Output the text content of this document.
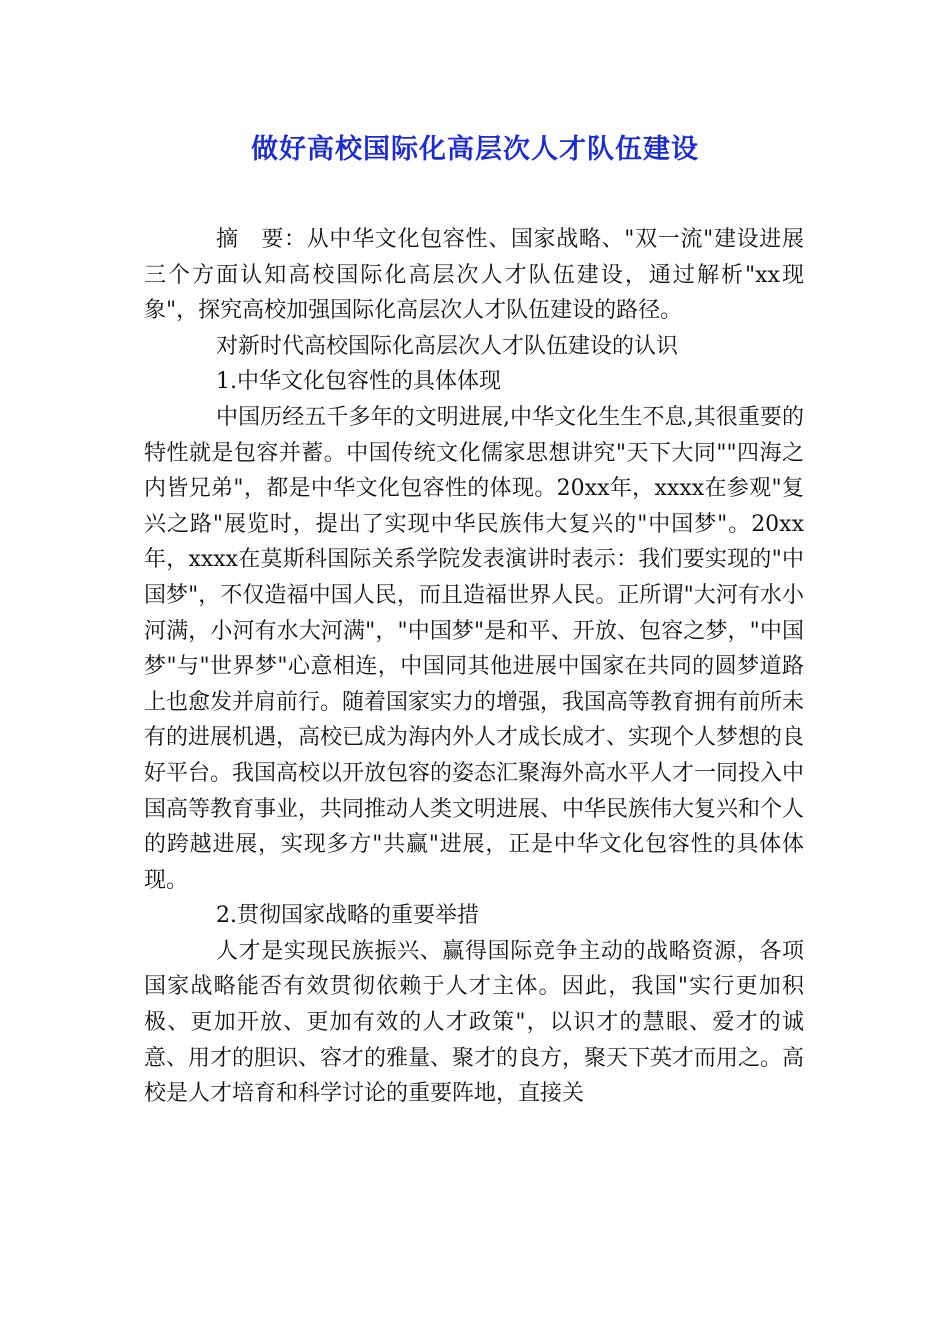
做好高校国际化高层次人才队伍建设

摘　要：从中华文化包容性、国家战略、"双一流"建设进展三个方面认知高校国际化高层次人才队伍建设，通过解析"xx现象"，探究高校加强国际化高层次人才队伍建设的路径。

对新时代高校国际化高层次人才队伍建设的认识

1.中华文化包容性的具体体现

中国历经五千多年的文明进展,中华文化生生不息,其很重要的特性就是包容并蓄。中国传统文化儒家思想讲究"天下大同""四海之内皆兄弟"，都是中华文化包容性的体现。20xx年，xxxx在参观"复兴之路"展览时，提出了实现中华民族伟大复兴的"中国梦"。20xx年，xxxx在莫斯科国际关系学院发表演讲时表示：我们要实现的"中国梦"，不仅造福中国人民，而且造福世界人民。正所谓"大河有水小河满，小河有水大河满"，"中国梦"是和平、开放、包容之梦，"中国梦"与"世界梦"心意相连，中国同其他进展中国家在共同的圆梦道路上也愈发并肩前行。随着国家实力的增强，我国高等教育拥有前所未有的进展机遇，高校已成为海内外人才成长成才、实现个人梦想的良好平台。我国高校以开放包容的姿态汇聚海外高水平人才一同投入中国高等教育事业，共同推动人类文明进展、中华民族伟大复兴和个人的跨越进展，实现多方"共赢"进展，正是中华文化包容性的具体体现。

2.贯彻国家战略的重要举措

人才是实现民族振兴、赢得国际竞争主动的战略资源，各项国家战略能否有效贯彻依赖于人才主体。因此，我国"实行更加积极、更加开放、更加有效的人才政策"，以识才的慧眼、爱才的诚意、用才的胆识、容才的雅量、聚才的良方，聚天下英才而用之。高校是人才培育和科学讨论的重要阵地，直接关
